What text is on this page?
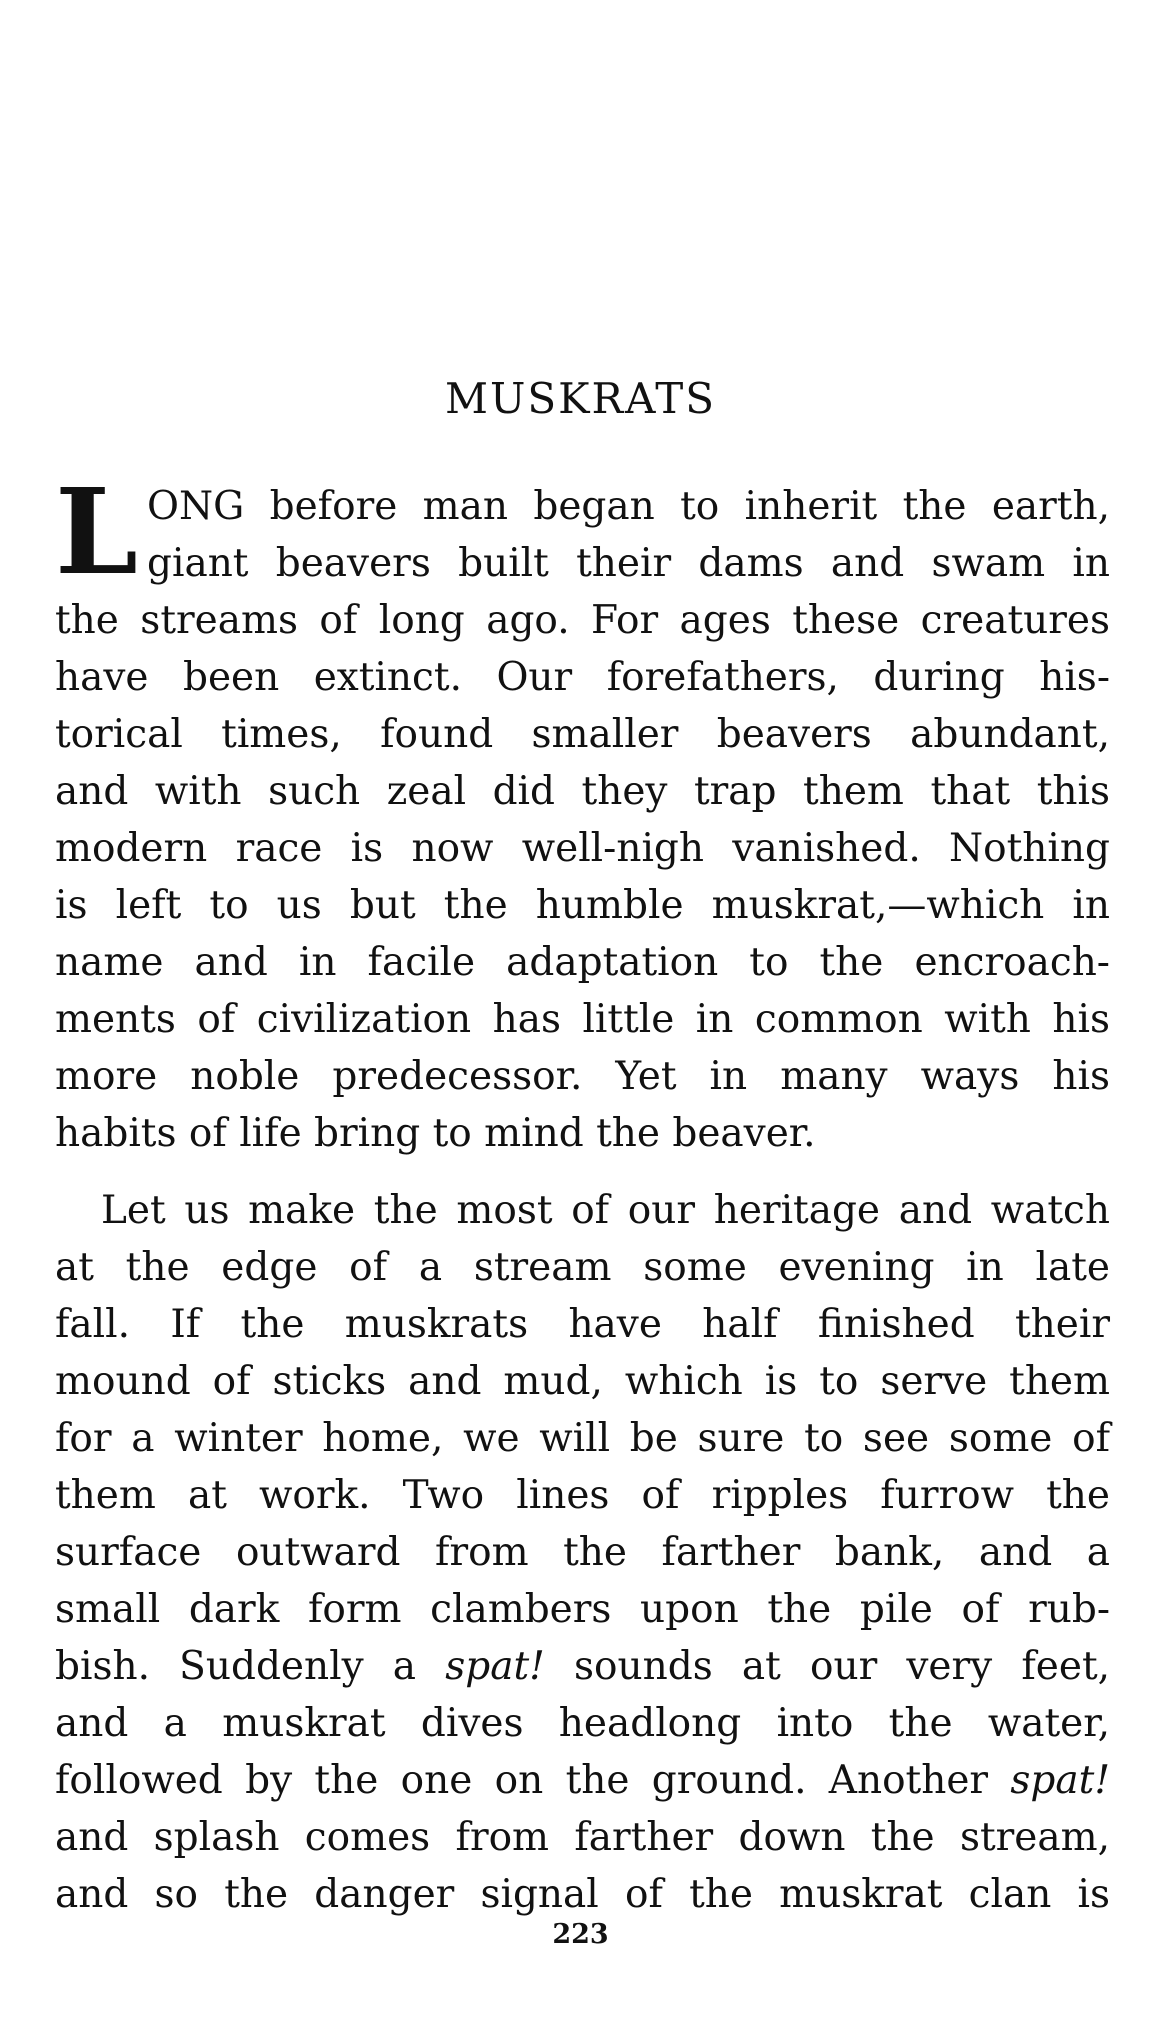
MUSKRATS
L ONG before man began to inherit the earth,
giant beavers built their dams and swam in
the streams of long ago. For ages these creatures
have been extinct. Our forefathers, during his-
torical times, found smaller beavers abundant,
and with such zeal did they trap them that this
modern race is now well-nigh vanished. Nothing
is left to us but the humble muskrat,—which in
name and in facile adaptation to the encroach-
ments of civilization has little in common with his
more noble predecessor. Yet in many ways his
habits of life bring to mind the beaver.
Let us make the most of our heritage and watch
at the edge of a stream some evening in late
fall. If the muskrats have half finished their
mound of sticks and mud, which is to serve them
for a winter home, we will be sure to see some of
them at work. Two lines of ripples furrow the
surface outward from the farther bank, and a
small dark form clambers upon the pile of rub-
bish. Suddenly a spat! sounds at our very feet,
and a muskrat dives headlong into the water,
followed by the one on the ground. Another spat!
and splash comes from farther down the stream,
and so the danger signal of the muskrat clan is
223
